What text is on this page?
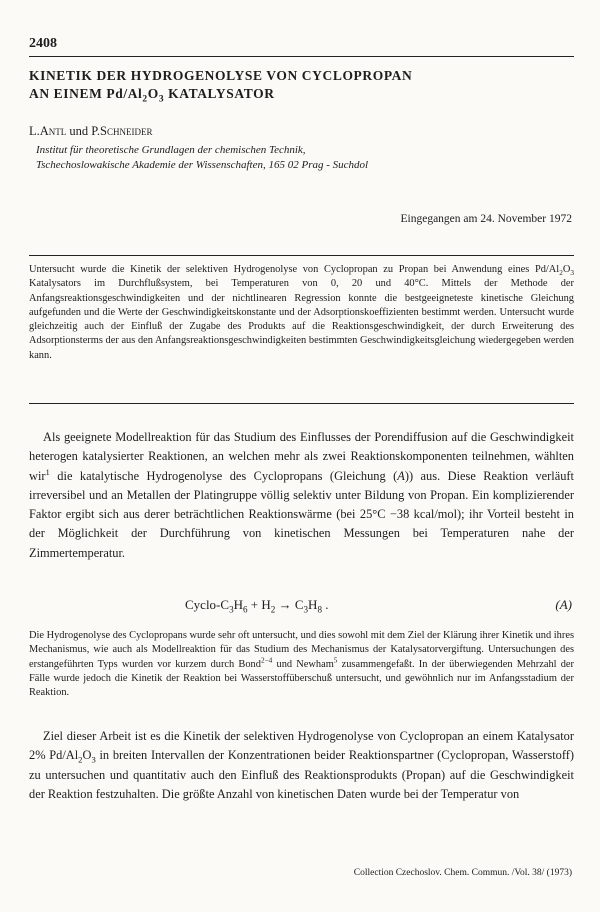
2408
KINETIK DER HYDROGENOLYSE VON CYCLOPROPAN
AN EINEM $Pd/Al_2O_3$ KATALYSATOR
L.Antl und P.Schneider
Institut für theoretische Grundlagen der chemischen Technik,
Tschechoslowakische Akademie der Wissenschaften, 165 02 Prag - Suchdol
Eingegangen am 24. November 1972
Untersucht wurde die Kinetik der selektiven Hydrogenolyse von Cyclopropan zu Propan bei Anwendung eines $Pd/Al_2O_3$ Katalysators im Durchflußsystem, bei Temperaturen von 0, 20 und 40°C. Mittels der Methode der Anfangsreaktionsgeschwindigkeiten und der nichtlinearen Regression konnte die bestgeeigneteste kinetische Gleichung aufgefunden und die Werte der Geschwindigkeitskonstante und der Adsorptionskoeffizienten bestimmt werden. Untersucht wurde gleichzeitig auch der Einfluß der Zugabe des Produkts auf die Reaktionsgeschwindigkeit, der durch Erweiterung des Adsorptionsterms der aus den Anfangsreaktionsgeschwindigkeiten bestimmten Geschwindigkeitsgleichung wiedergegeben werden kann.

Als geeignete Modellreaktion für das Studium des Einflusses der Porendiffusion auf die Geschwindigkeit heterogen katalysierter Reaktionen, an welchen mehr als zwei Reaktionskomponenten teilnehmen, wählten wir$^1$ die katalytische Hydrogenolyse des Cyclopropans (Gleichung (A)) aus. Diese Reaktion verläuft irreversibel und an Metallen der Platingruppe völlig selektiv unter Bildung von Propan. Ein komplizierender Faktor ergibt sich aus derer beträchtlichen Reaktionswärme (bei 25°C −38 kcal/mol); ihr Vorteil besteht in der Möglichkeit der Durchführung von kinetischen Messungen bei Temperaturen nahe der Zimmertemperatur.

Cyclo-$C_3H_6 + H_2 \to C_3H_8$ .	(A)
Die Hydrogenolyse des Cyclopropans wurde sehr oft untersucht, und dies sowohl mit dem Ziel der Klärung ihrer Kinetik und ihres Mechanismus, wie auch als Modellreaktion für das Studium des Mechanismus der Katalysatorvergiftung. Untersuchungen des erstangeführten Typs wurden vor kurzem durch Bond$^{2-4}$ und Newham$^5$ zusammengefaßt. In der überwiegenden Mehrzahl der Fälle wurde jedoch die Kinetik der Reaktion bei Wasserstoffüberschuß untersucht, und gewöhnlich nur im Anfangsstadium der Reaktion.

Ziel dieser Arbeit ist es die Kinetik der selektiven Hydrogenolyse von Cyclopropan an einem Katalysator 2% $Pd/Al_2O_3$ in breiten Intervallen der Konzentrationen beider Reaktionspartner (Cyclopropan, Wasserstoff) zu untersuchen und quantitativ auch den Einfluß des Reaktionsprodukts (Propan) auf die Geschwindigkeit der Reaktion festzuhalten. Die größte Anzahl von kinetischen Daten wurde bei der Temperatur von

Collection Czechoslov. Chem. Commun. /Vol. 38/ (1973)
